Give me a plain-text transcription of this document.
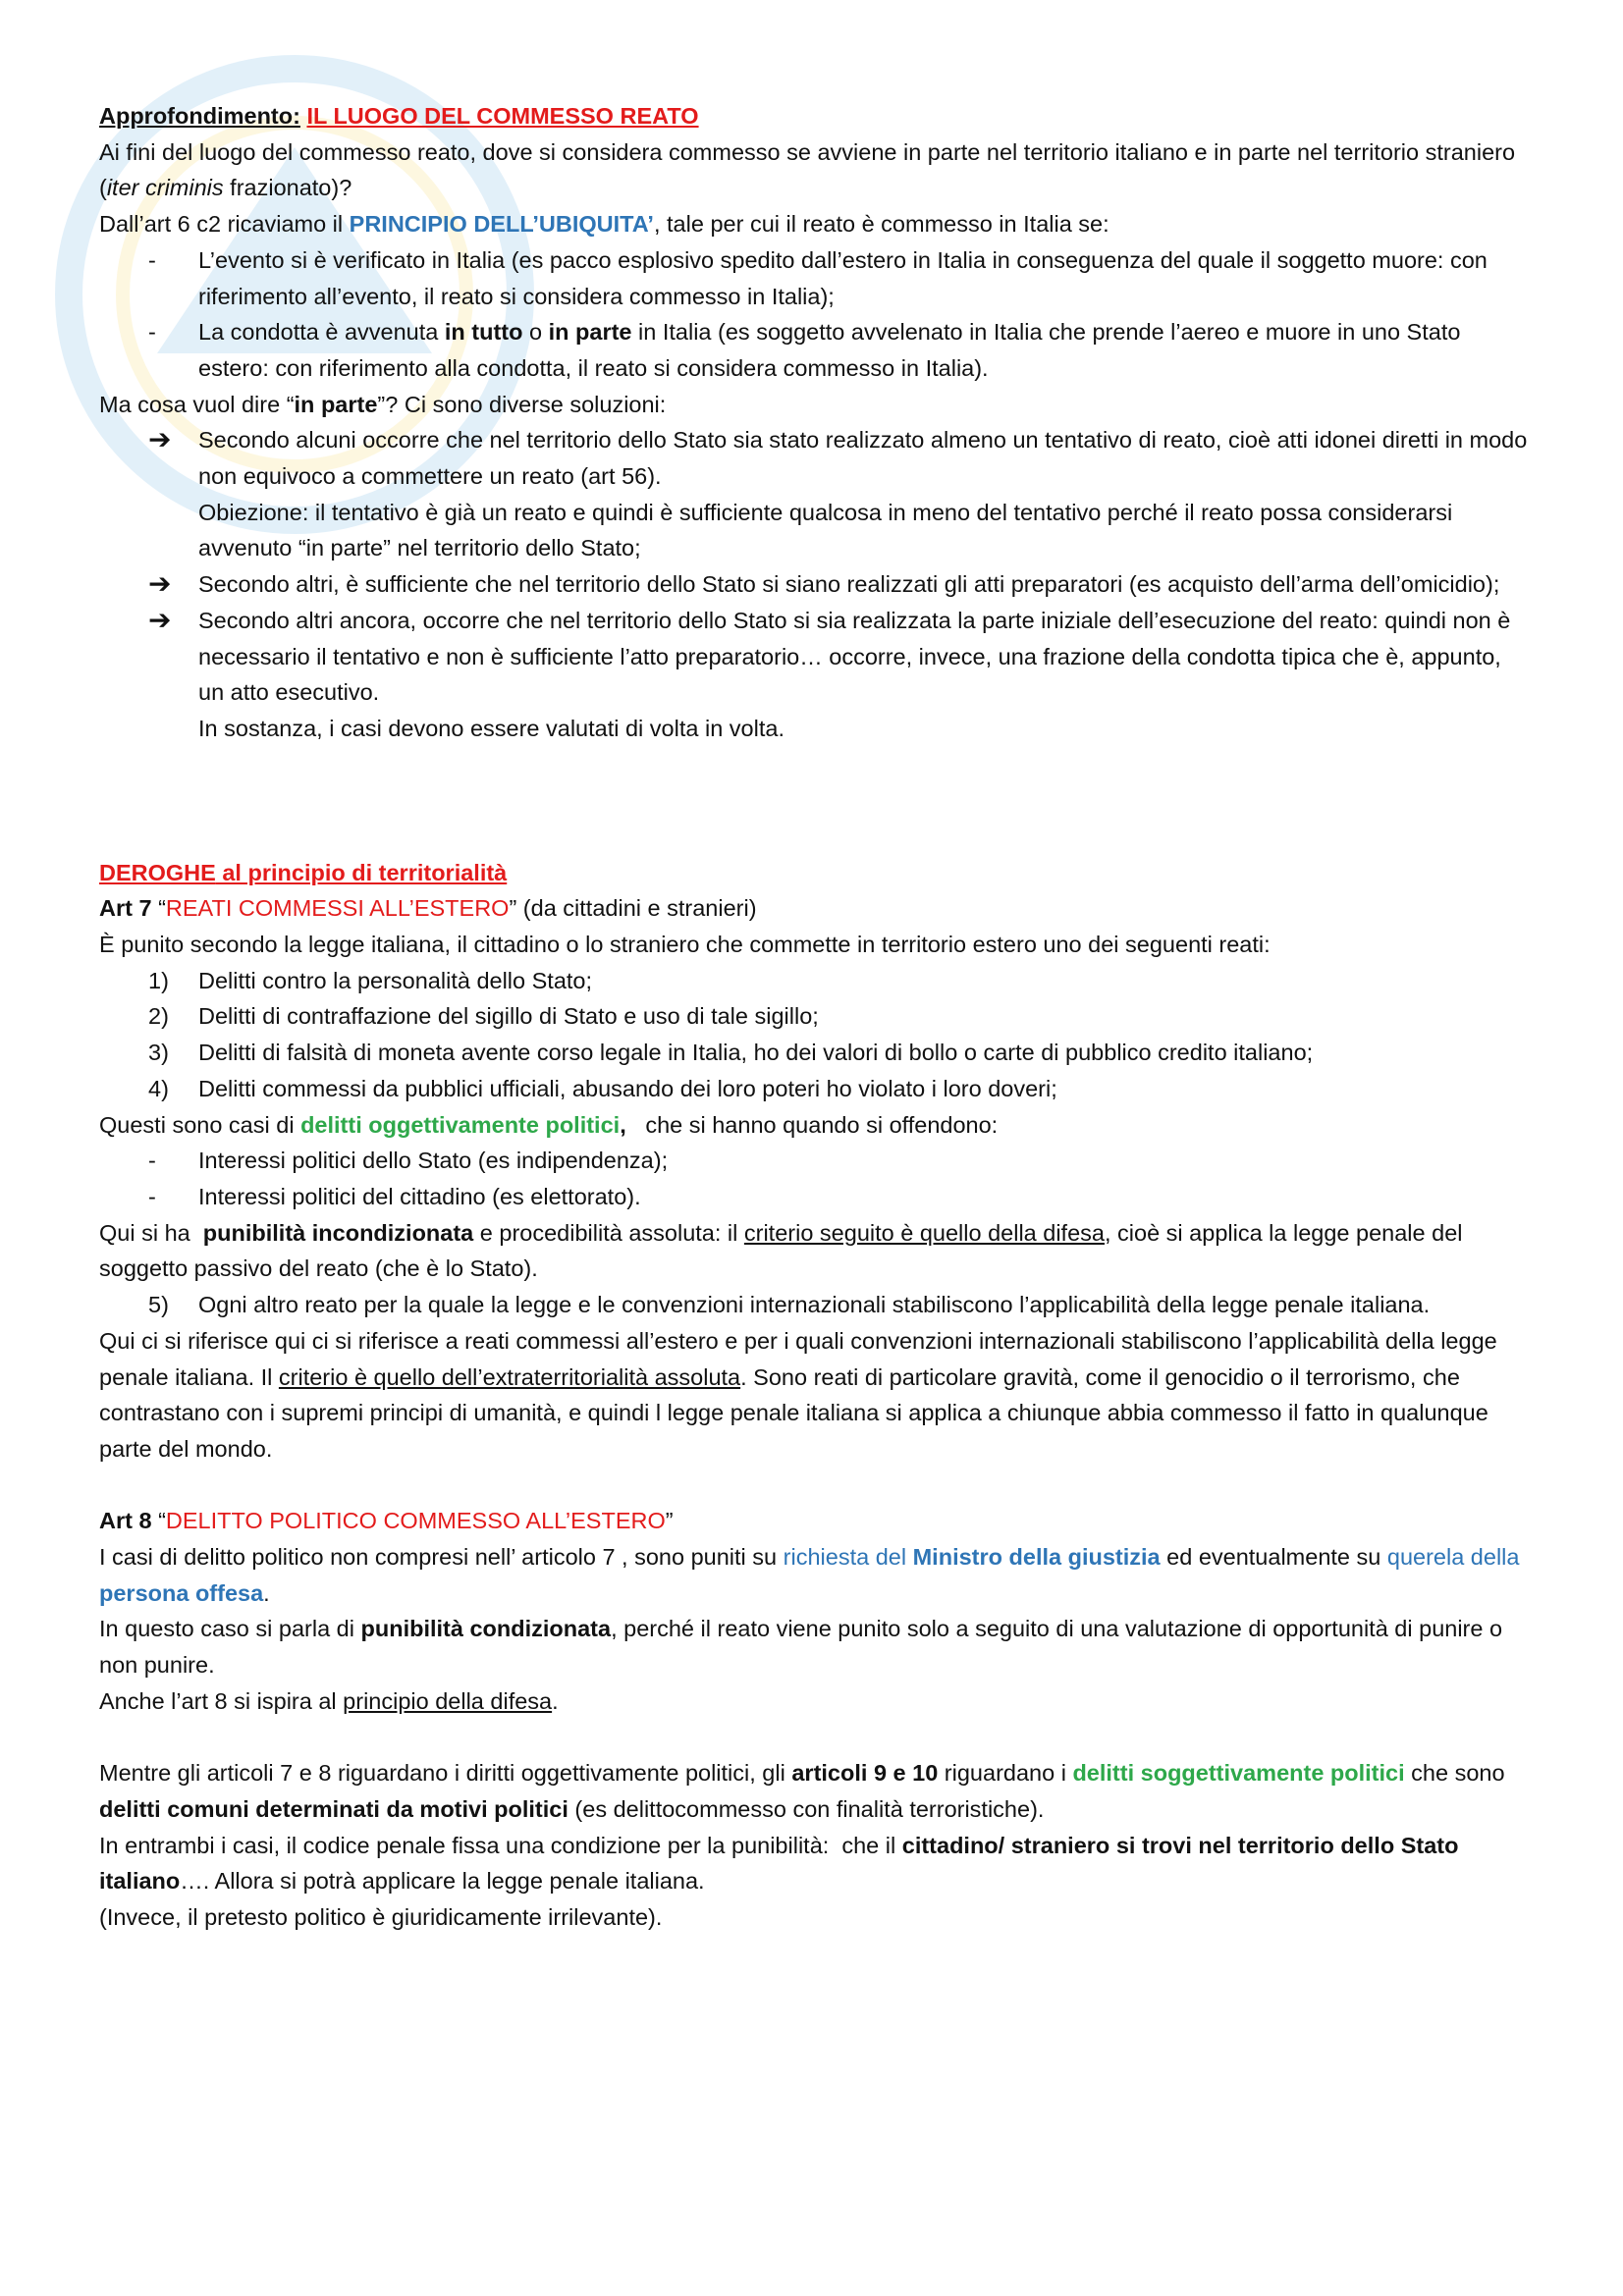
Approfondimento: IL LUOGO DEL COMMESSO REATO

Ai fini del luogo del commesso reato, dove si considera commesso se avviene in parte nel territorio italiano e in parte nel territorio straniero (iter criminis frazionato)?

Dall’art 6 c2 ricaviamo il PRINCIPIO DELL’UBIQUITA’, tale per cui il reato è commesso in Italia se:

-	L’evento si è verificato in Italia (es pacco esplosivo spedito dall’estero in Italia in conseguenza del quale il soggetto muore: con riferimento all’evento, il reato si considera commesso in Italia);
-	La condotta è avvenuta in tutto o in parte in Italia (es soggetto avvelenato in Italia che prende l’aereo e muore in uno Stato estero: con riferimento alla condotta, il reato si considera commesso in Italia).

Ma cosa vuol dire “in parte”? Ci sono diverse soluzioni:

➔ Secondo alcuni occorre che nel territorio dello Stato sia stato realizzato almeno un tentativo di reato, cioè atti idonei diretti in modo non equivoco a commettere un reato (art 56).
Obiezione: il tentativo è già un reato e quindi è sufficiente qualcosa in meno del tentativo perché il reato possa considerarsi avvenuto “in parte” nel territorio dello Stato;
➔ Secondo altri, è sufficiente che nel territorio dello Stato si siano realizzati gli atti preparatori (es acquisto dell’arma dell’omicidio);
➔ Secondo altri ancora, occorre che nel territorio dello Stato si sia realizzata la parte iniziale dell’esecuzione del reato: quindi non è necessario il tentativo e non è sufficiente l’atto preparatorio… occorre, invece, una frazione della condotta tipica che è, appunto, un atto esecutivo.
In sostanza, i casi devono essere valutati di volta in volta.

DEROGHE al principio di territorialità

Art 7 “REATI COMMESSI ALL’ESTERO” (da cittadini e stranieri)

È punito secondo la legge italiana, il cittadino o lo straniero che commette in territorio estero uno dei seguenti reati:

1)	Delitti contro la personalità dello Stato;
2)	Delitti di contraffazione del sigillo di Stato e uso di tale sigillo;
3)	Delitti di falsità di moneta avente corso legale in Italia, ho dei valori di bollo o carte di pubblico credito italiano;
4)	Delitti commessi da pubblici ufficiali, abusando dei loro poteri ho violato i loro doveri;

Questi sono casi di delitti oggettivamente politici,   che si hanno quando si offendono:

-	Interessi politici dello Stato (es indipendenza);
-	Interessi politici del cittadino (es elettorato).

Qui si ha  punibilità incondizionata e procedibilità assoluta: il criterio seguito è quello della difesa, cioè si applica la legge penale del soggetto passivo del reato (che è lo Stato).

5)	Ogni altro reato per la quale la legge e le convenzioni internazionali stabiliscono l’applicabilità della legge penale italiana.

Qui ci si riferisce qui ci si riferisce a reati commessi all’estero e per i quali convenzioni internazionali stabiliscono l’applicabilità della legge penale italiana. Il criterio è quello dell’extraterritorialità assoluta. Sono reati di particolare gravità, come il genocidio o il terrorismo, che contrastano con i supremi principi di umanità, e quindi l legge penale italiana si applica a chiunque abbia commesso il fatto in qualunque parte del mondo.

Art 8 “DELITTO POLITICO COMMESSO ALL’ESTERO”

I casi di delitto politico non compresi nell’ articolo 7 , sono puniti su richiesta del Ministro della giustizia ed eventualmente su querela della persona offesa.

In questo caso si parla di punibilità condizionata, perché il reato viene punito solo a seguito di una valutazione di opportunità di punire o non punire.

Anche l’art 8 si ispira al principio della difesa.

Mentre gli articoli 7 e 8 riguardano i diritti oggettivamente politici, gli articoli 9 e 10 riguardano i delitti soggettivamente politici che sono delitti comuni determinati da motivi politici (es delittocommesso con finalità terroristiche).

In entrambi i casi, il codice penale fissa una condizione per la punibilità:  che il cittadino/ straniero si trovi nel territorio dello Stato italiano…. Allora si potrà applicare la legge penale italiana.

(Invece, il pretesto politico è giuridicamente irrilevante).
